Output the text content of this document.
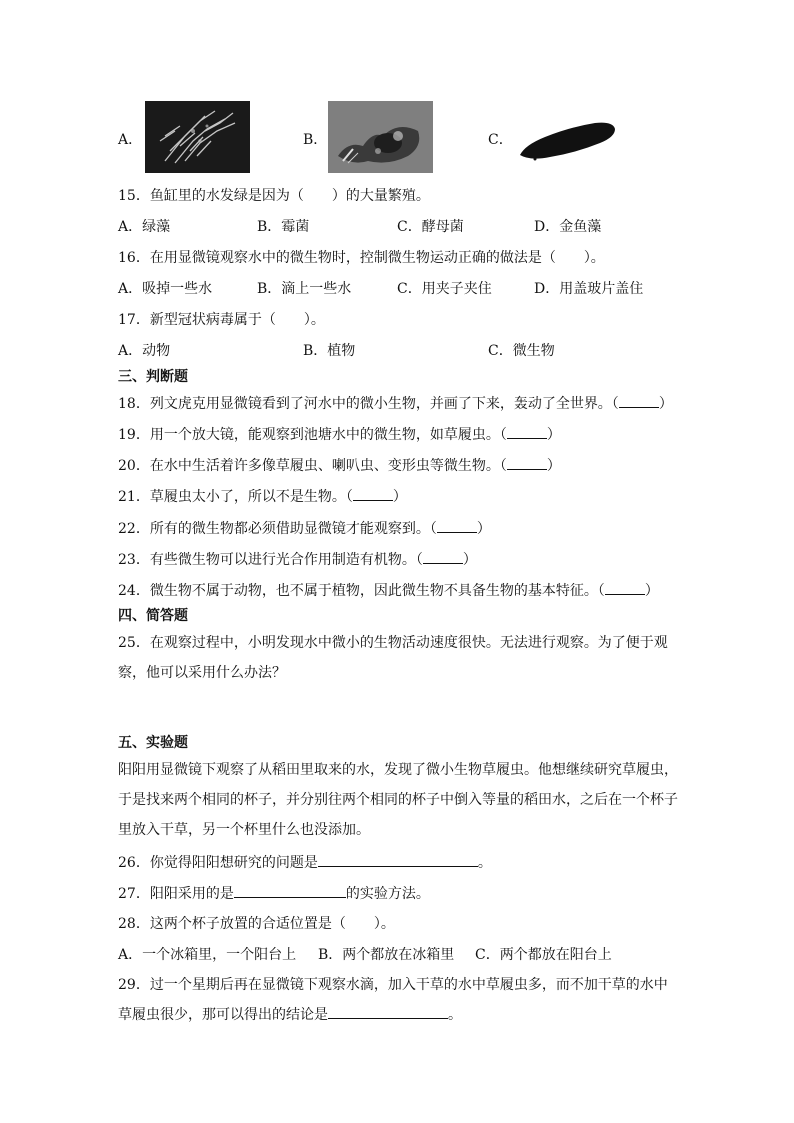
A．	B．	C．
15．鱼缸里的水发绿是因为（　　）的大量繁殖。
A．绿藻	B．霉菌	C．酵母菌	D．金鱼藻
16．在用显微镜观察水中的微生物时，控制微生物运动正确的做法是（　　）。
A．吸掉一些水	B．滴上一些水	C．用夹子夹住	D．用盖玻片盖住
17．新型冠状病毒属于（　　）。
A．动物	B．植物	C．微生物
三、判断题
18．列文虎克用显微镜看到了河水中的微小生物，并画了下来，轰动了全世界。（	）
19．用一个放大镜，能观察到池塘水中的微生物，如草履虫。（	）
20．在水中生活着许多像草履虫、喇叭虫、变形虫等微生物。（	）
21．草履虫太小了，所以不是生物。（	）
22．所有的微生物都必须借助显微镜才能观察到。（	）
23．有些微生物可以进行光合作用制造有机物。（	）
24．微生物不属于动物，也不属于植物，因此微生物不具备生物的基本特征。（	）
四、简答题
25．在观察过程中，小明发现水中微小的生物活动速度很快。无法进行观察。为了便于观察，他可以采用什么办法？
五、实验题
阳阳用显微镜下观察了从稻田里取来的水，发现了微小生物草履虫。他想继续研究草履虫，于是找来两个相同的杯子，并分别往两个相同的杯子中倒入等量的稻田水，之后在一个杯子里放入干草，另一个杯里什么也没添加。
26．你觉得阳阳想研究的问题是	。
27．阳阳采用的是	的实验方法。
28．这两个杯子放置的合适位置是（　　）。
A．一个冰箱里，一个阳台上 B．两个都放在冰箱里 C．两个都放在阳台上
29．过一个星期后再在显微镜下观察水滴，加入干草的水中草履虫多，而不加干草的水中草履虫很少，那可以得出的结论是	。
